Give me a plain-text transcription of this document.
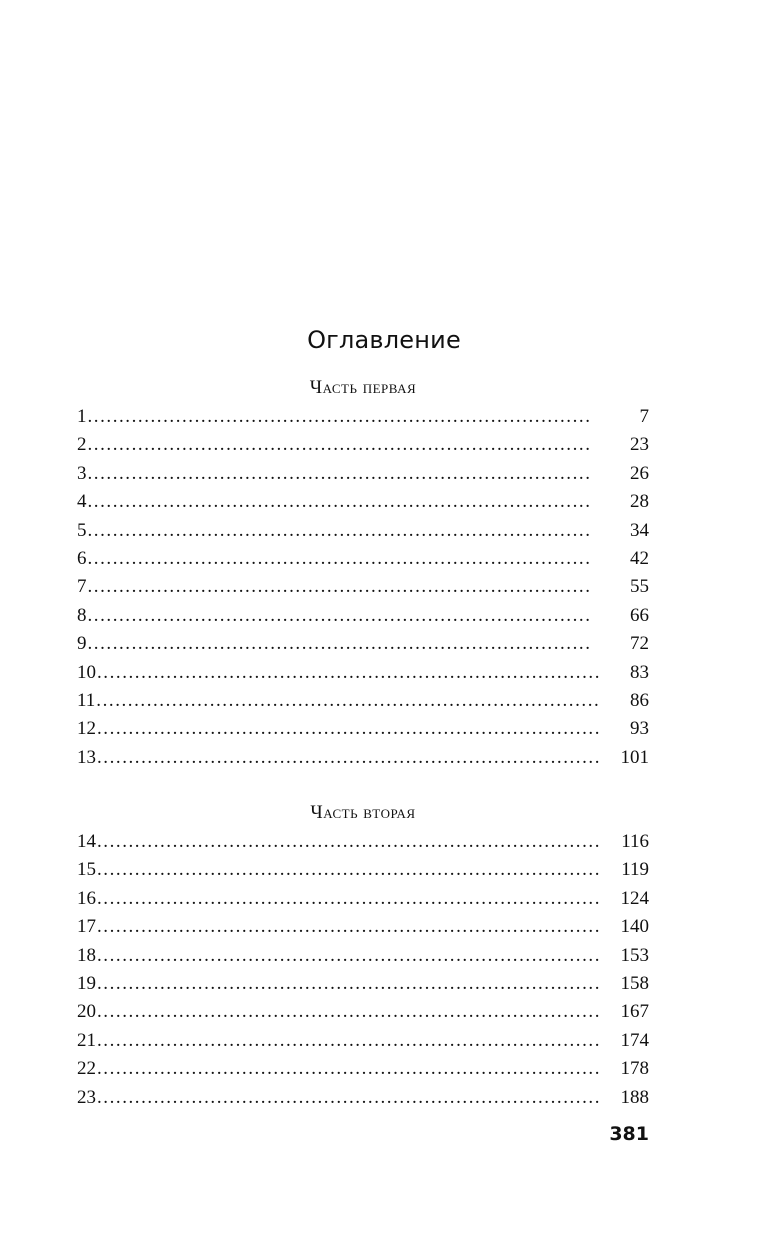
Оглавление
Часть первая
1 . . .	7
2 . . .	23
3 . . .	26
4 . . .	28
5 . . .	34
6 . . .	42
7 . . .	55
8 . . .	66
9 . . .	72
10 . . .	83
11 . . .	86
12 . . .	93
13 . . .	101
Часть вторая
14 . . .	116
15 . . .	119
16 . . .	124
17 . . .	140
18 . . .	153
19 . . .	158
20 . . .	167
21 . . .	174
22 . . .	178
23 . . .	188
381
